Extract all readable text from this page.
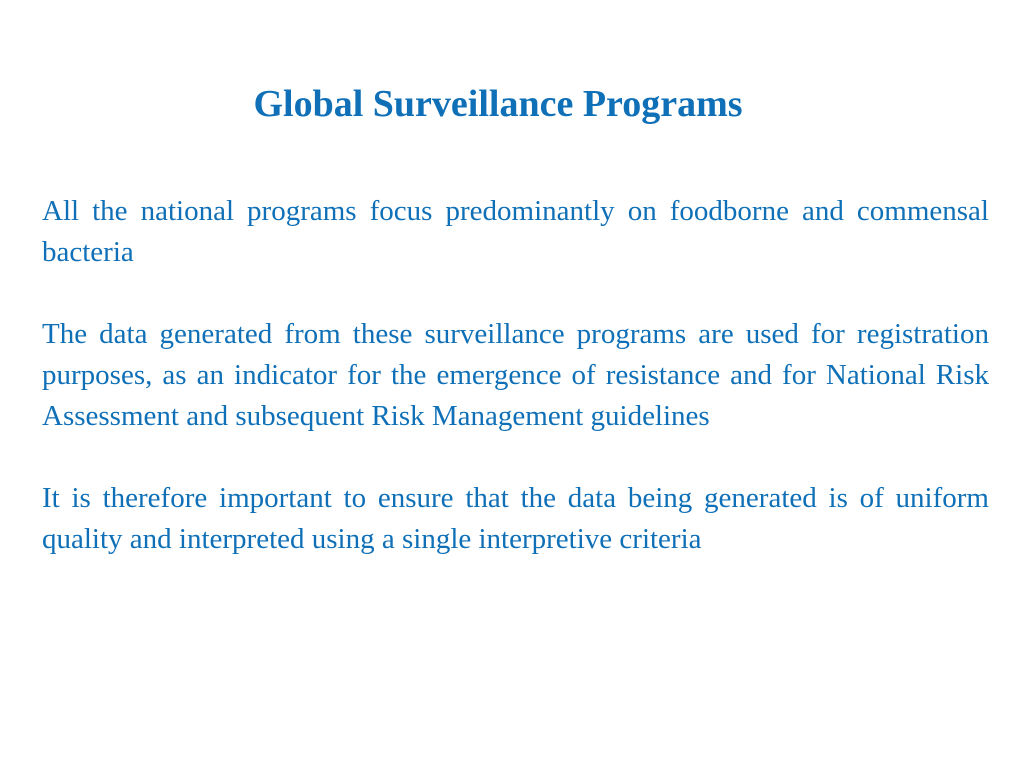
Global Surveillance Programs

All the national programs focus predominantly on foodborne and commensal bacteria

The data generated from these surveillance programs are used for registration purposes, as an indicator for the emergence of resistance and for National Risk Assessment and subsequent Risk Management guidelines

It is therefore important to ensure that the data being generated is of uniform quality and interpreted using a single interpretive criteria
